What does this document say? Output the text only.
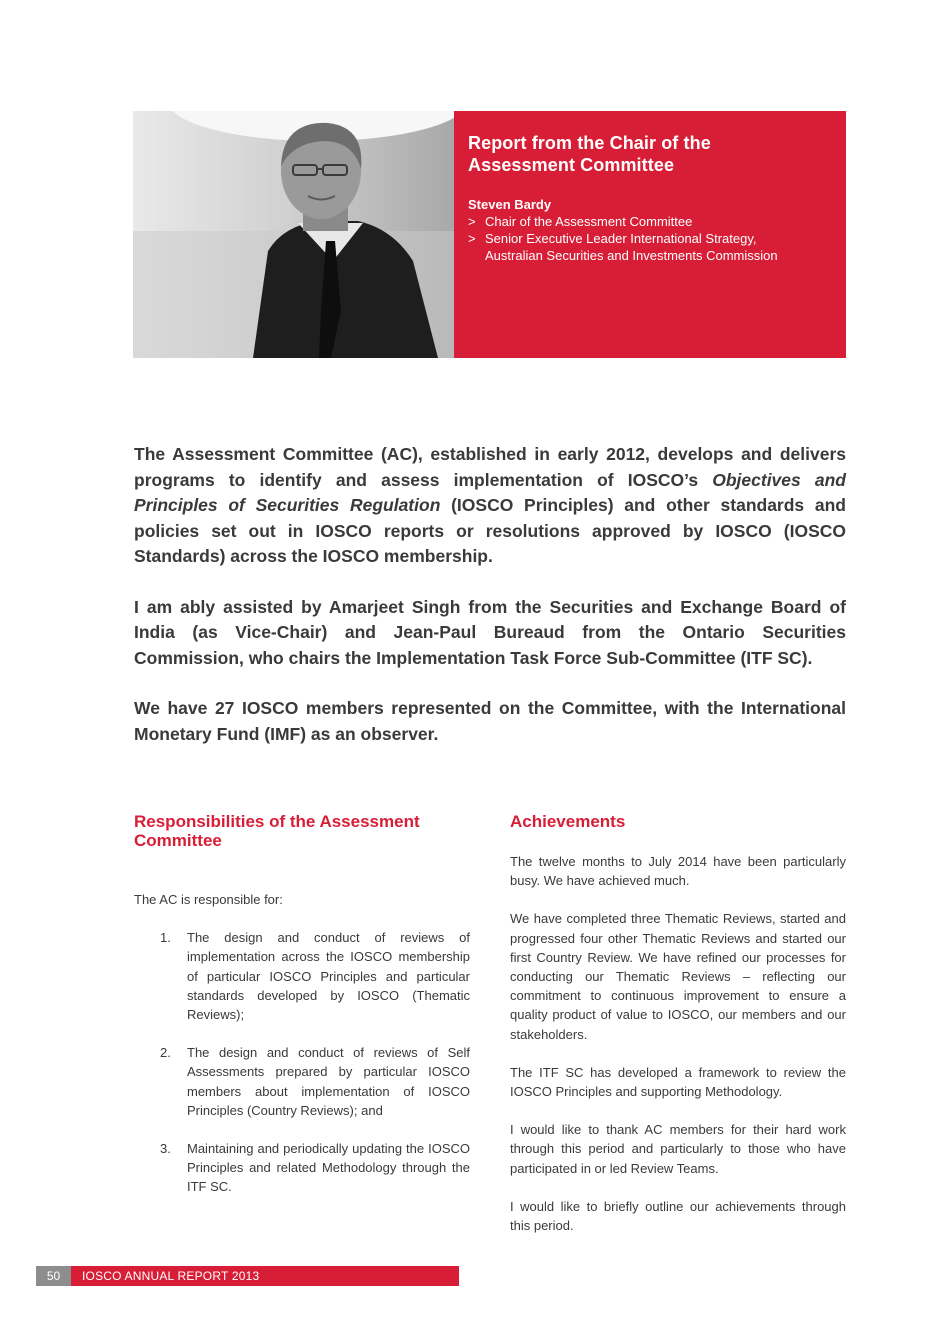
Report from the Chair of the
Assessment Committee
Steven Bardy
> Chair of the Assessment Committee
> Senior Executive Leader International Strategy,
Australian Securities and Investments Commission

The Assessment Committee (AC), established in early 2012, develops and delivers programs to identify and assess implementation of IOSCO’s Objectives and Principles of Securities Regulation (IOSCO Principles) and other standards and policies set out in IOSCO reports or resolutions approved by IOSCO (IOSCO Standards) across the IOSCO membership.

I am ably assisted by Amarjeet Singh from the Securities and Exchange Board of India (as Vice-Chair) and Jean-Paul Bureaud from the Ontario Securities Commission, who chairs the Implementation Task Force Sub-Committee (ITF SC).

We have 27 IOSCO members represented on the Committee, with the International Monetary Fund (IMF) as an observer.

Responsibilities of the Assessment
Committee

The AC is responsible for:

1. The design and conduct of reviews of implementation across the IOSCO membership of particular IOSCO Principles and particular standards developed by IOSCO (Thematic Reviews);
2. The design and conduct of reviews of Self Assessments prepared by particular IOSCO members about implementation of IOSCO Principles (Country Reviews); and
3. Maintaining and periodically updating the IOSCO Principles and related Methodology through the ITF SC.
Achievements

The twelve months to July 2014 have been particularly busy. We have achieved much.

We have completed three Thematic Reviews, started and progressed four other Thematic Reviews and started our first Country Review. We have refined our processes for conducting our Thematic Reviews – reflecting our commitment to continuous improvement to ensure a quality product of value to IOSCO, our members and our stakeholders.

The ITF SC has developed a framework to review the IOSCO Principles and supporting Methodology.

I would like to thank AC members for their hard work through this period and particularly to those who have participated in or led Review Teams.

I would like to briefly outline our achievements through this period.

50	IOSCO ANNUAL REPORT 2013
